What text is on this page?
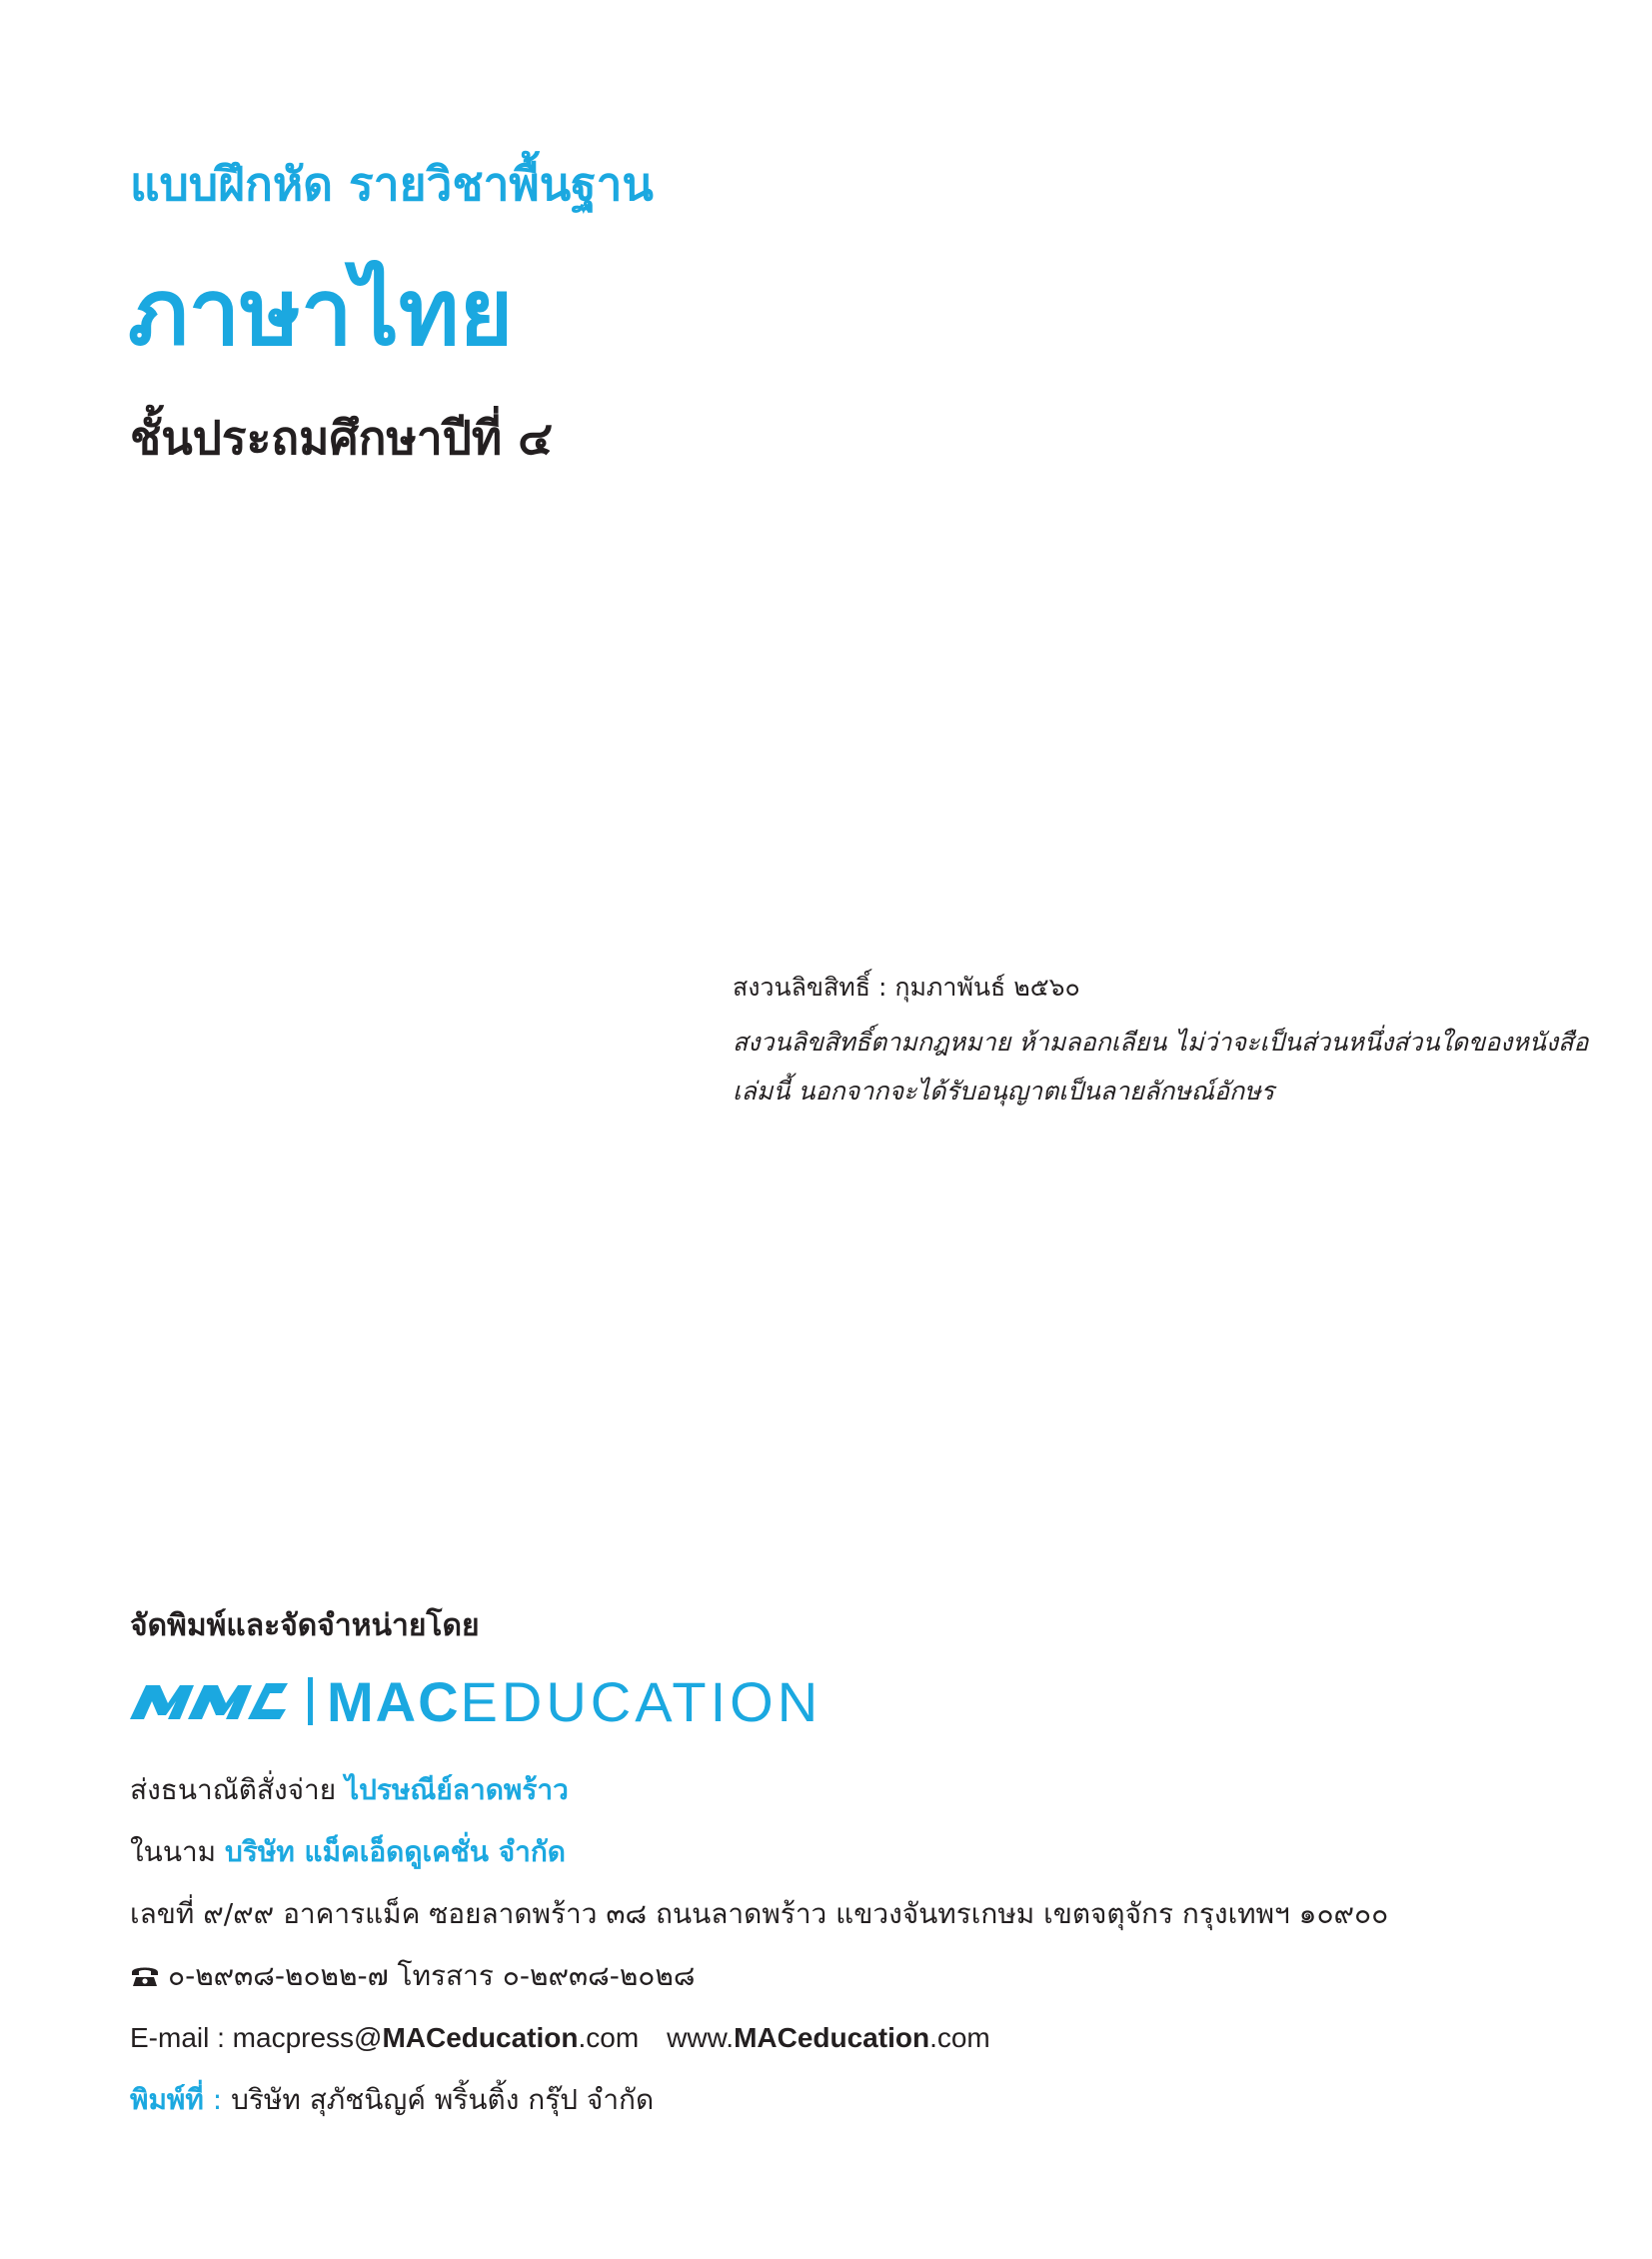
แบบฝึกหัด รายวิชาพื้นฐาน
ภาษาไทย
ชั้นประถมศึกษาปีที่ ๔
สงวนลิขสิทธิ์ : กุมภาพันธ์ ๒๕๖๐
สงวนลิขสิทธิ์ตามกฎหมาย ห้ามลอกเลียน ไม่ว่าจะเป็นส่วนหนึ่งส่วนใดของหนังสือ
เล่มนี้ นอกจากจะได้รับอนุญาตเป็นลายลักษณ์อักษร
จัดพิมพ์และจัดจำหน่ายโดย
MAC EDUCATION
ส่งธนาณัติสั่งจ่าย ไปรษณีย์ลาดพร้าว
ในนาม บริษัท แม็คเอ็ดดูเคชั่น จำกัด
เลขที่ ๙/๙๙ อาคารแม็ค ซอยลาดพร้าว ๓๘ ถนนลาดพร้าว แขวงจันทรเกษม เขตจตุจักร กรุงเทพฯ ๑๐๙๐๐
๐-๒๙๓๘-๒๐๒๒-๗ โทรสาร ๐-๒๙๓๘-๒๐๒๘
E-mail : macpress@MACeducation.com www.MACeducation.com
พิมพ์ที่ : บริษัท สุภัชนิญค์ พริ้นติ้ง กรุ๊ป จำกัด
